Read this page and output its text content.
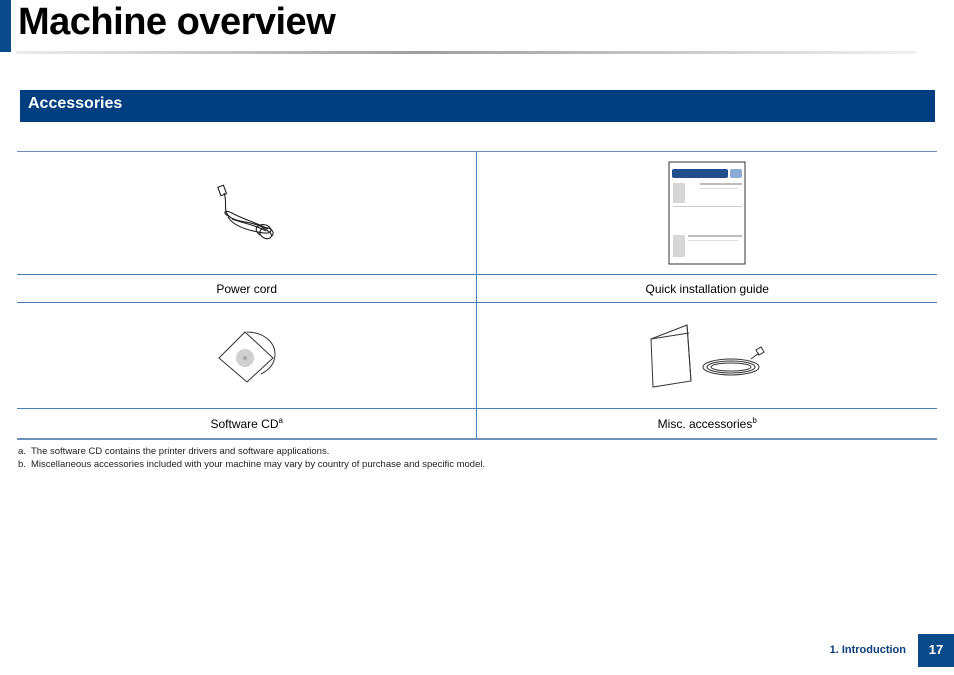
Machine overview
Accessories

Power cord	Quick installation guide

Software $CD^a$	Misc. accessories$^b$
a. The software CD contains the printer drivers and software applications.
b. Miscellaneous accessories included with your machine may vary by country of purchase and specific model.
1. Introduction	17
